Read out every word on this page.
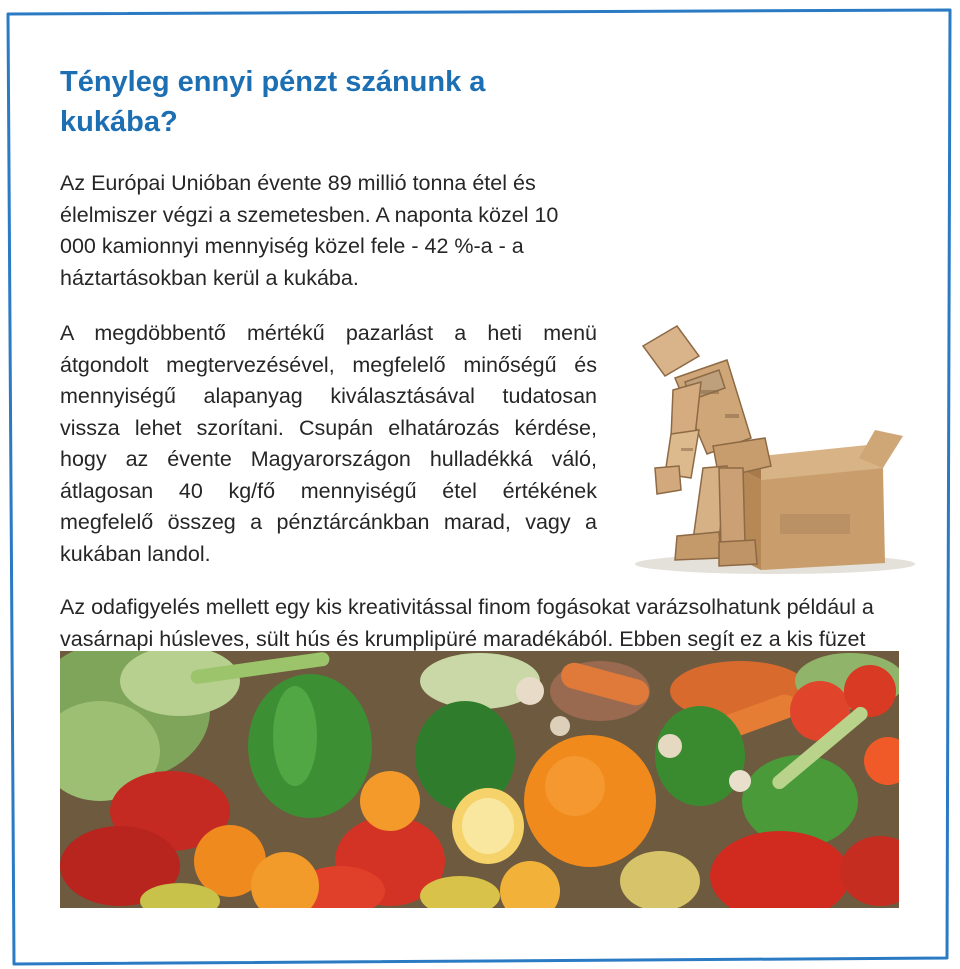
Tényleg ennyi pénzt szánunk a kukába?

Az Európai Unióban évente 89 millió tonna étel és élelmiszer végzi a szemetesben. A naponta közel 10 000 kamionnyi mennyiség közel fele - 42 %-a - a háztartásokban kerül a kukába.

A megdöbbentő mértékű pazarlást a heti menü átgondolt megtervezésével, megfelelő minőségű és mennyiségű alapanyag kiválasztásával tudatosan vissza lehet szorítani. Csupán elhatározás kérdése, hogy az évente Magyarországon hulladékká váló, átlagosan 40 kg/fő mennyiségű étel értékének megfelelő összeg a pénztárcánkban marad, vagy a kukában landol.

Az odafigyelés mellett egy kis kreativitással finom fogásokat varázsolhatunk például a vasárnapi húsleves, sült hús és krumplipüré maradékából. Ebben segít ez a kis füzet
